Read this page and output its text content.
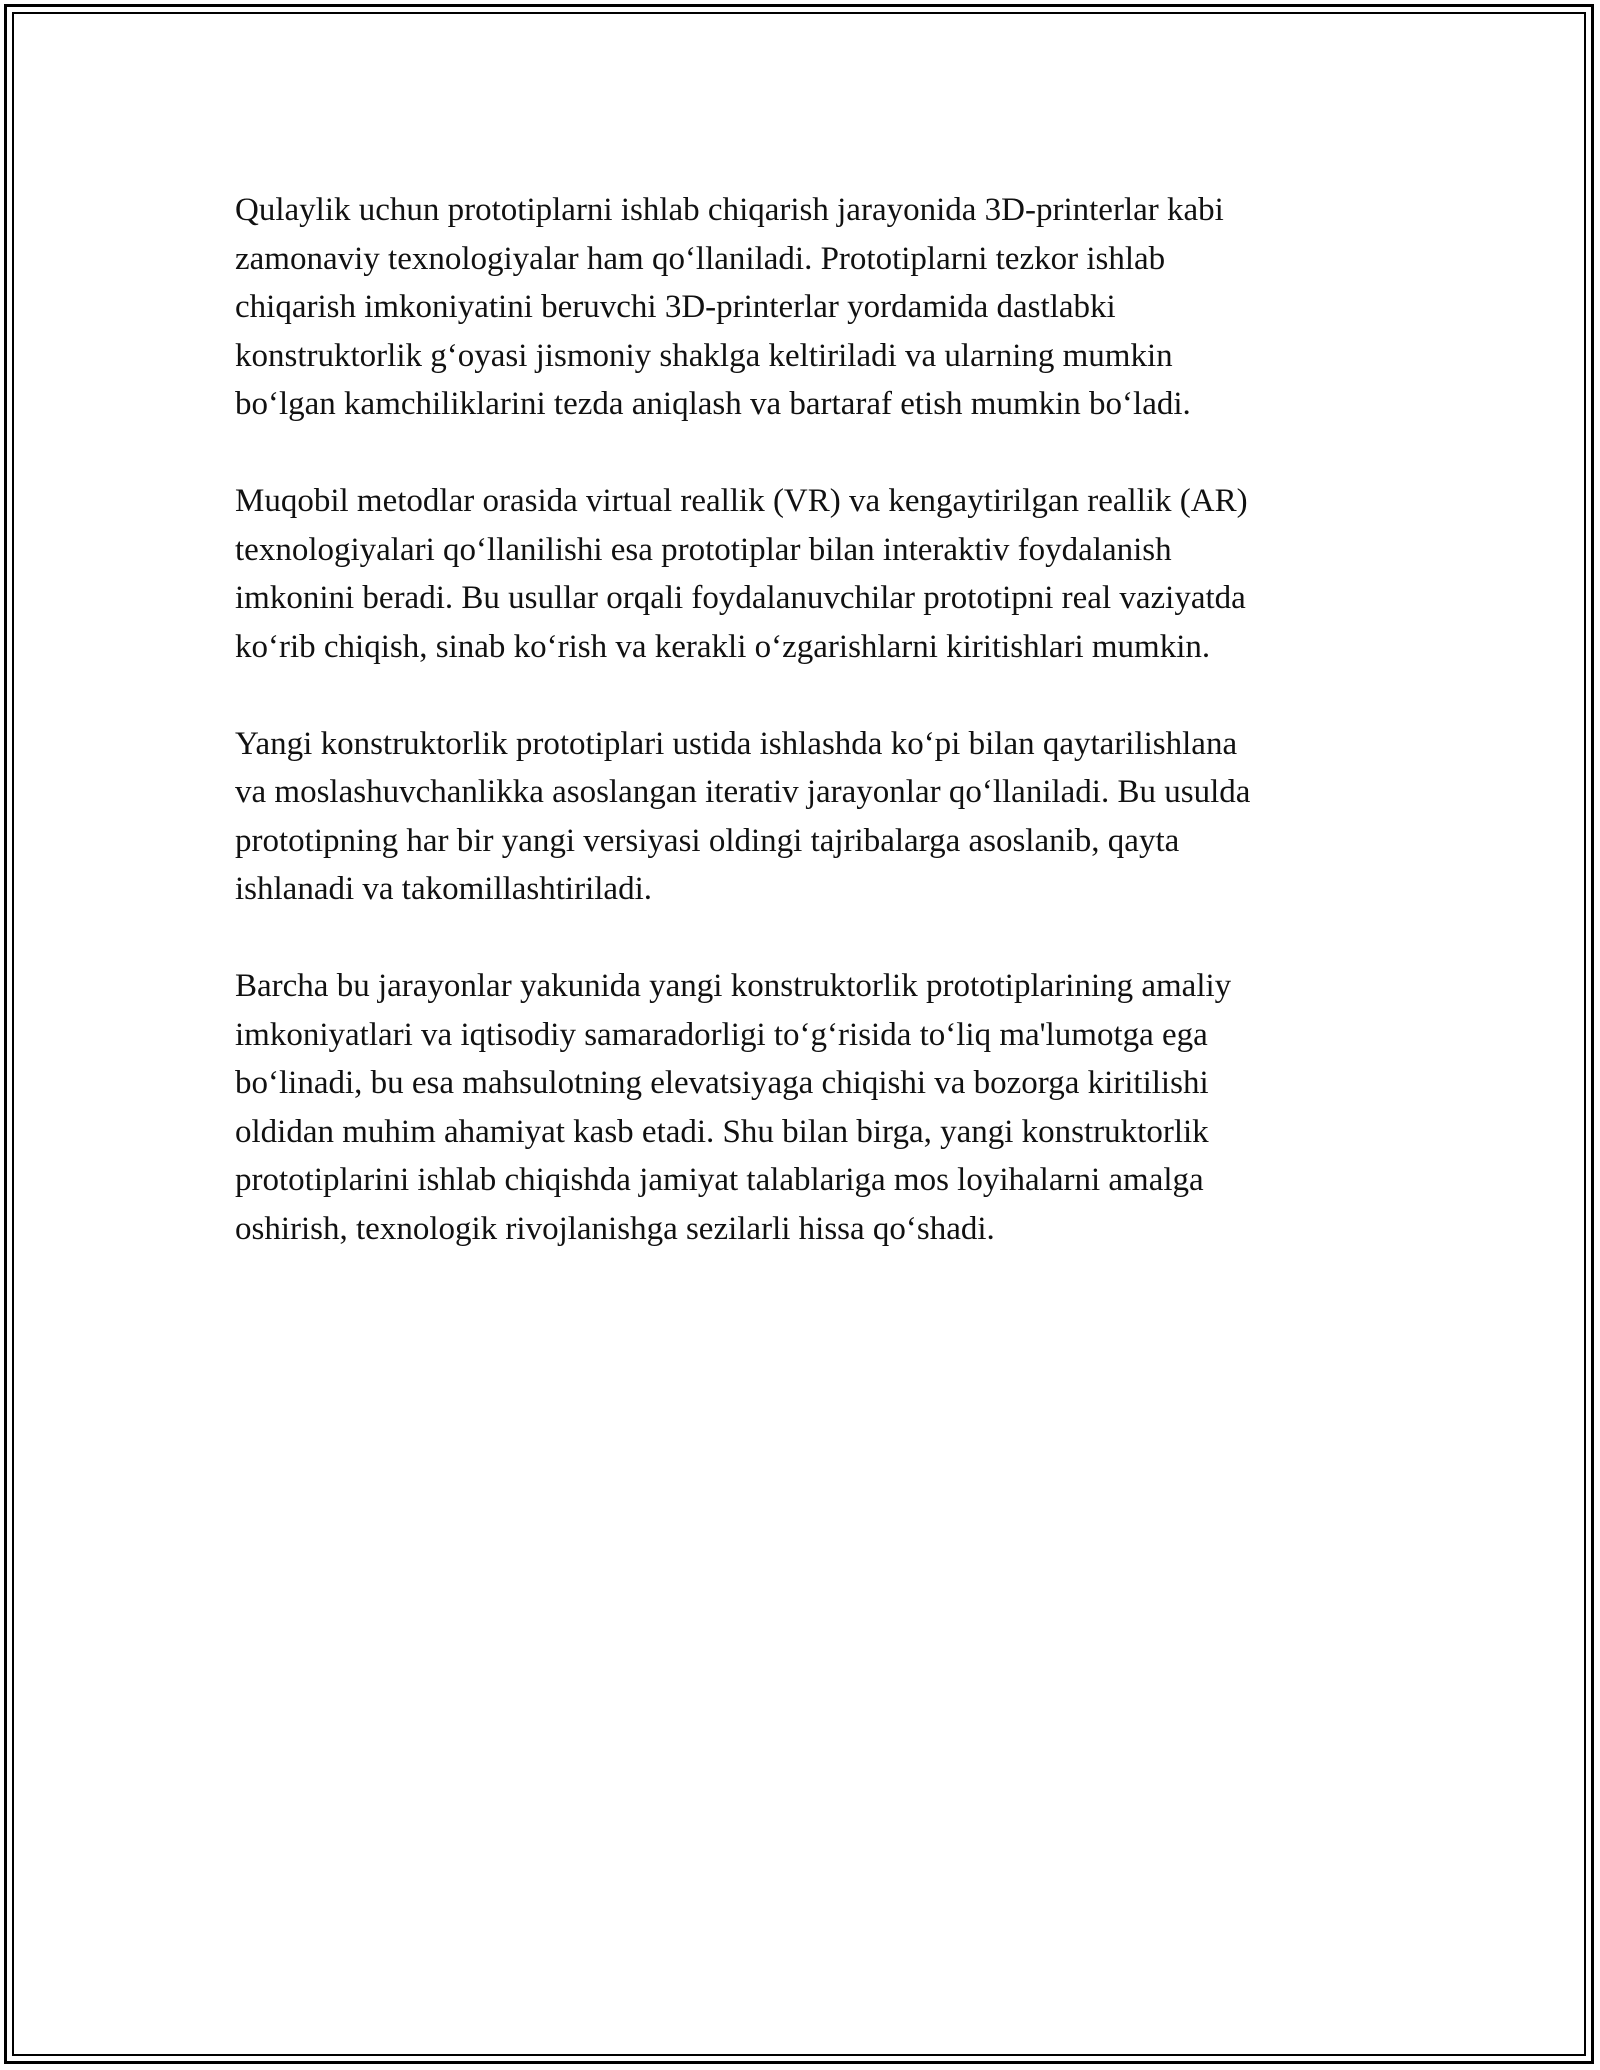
Qulaylik uchun prototiplarni ishlab chiqarish jarayonida 3D-printerlar kabi
zamonaviy texnologiyalar ham qo‘llaniladi. Prototiplarni tezkor ishlab
chiqarish imkoniyatini beruvchi 3D-printerlar yordamida dastlabki
konstruktorlik g‘oyasi jismoniy shaklga keltiriladi va ularning mumkin
bo‘lgan kamchiliklarini tezda aniqlash va bartaraf etish mumkin bo‘ladi.

Muqobil metodlar orasida virtual reallik (VR) va kengaytirilgan reallik (AR)
texnologiyalari qo‘llanilishi esa prototiplar bilan interaktiv foydalanish
imkonini beradi. Bu usullar orqali foydalanuvchilar prototipni real vaziyatda
ko‘rib chiqish, sinab ko‘rish va kerakli o‘zgarishlarni kiritishlari mumkin.

Yangi konstruktorlik prototiplari ustida ishlashda ko‘pi bilan qaytarilishlana
va moslashuvchanlikka asoslangan iterativ jarayonlar qo‘llaniladi. Bu usulda
prototipning har bir yangi versiyasi oldingi tajribalarga asoslanib, qayta
ishlanadi va takomillashtiriladi.

Barcha bu jarayonlar yakunida yangi konstruktorlik prototiplarining amaliy
imkoniyatlari va iqtisodiy samaradorligi to‘g‘risida to‘liq ma'lumotga ega
bo‘linadi, bu esa mahsulotning elevatsiyaga chiqishi va bozorga kiritilishi
oldidan muhim ahamiyat kasb etadi. Shu bilan birga, yangi konstruktorlik
prototiplarini ishlab chiqishda jamiyat talablariga mos loyihalarni amalga
oshirish, texnologik rivojlanishga sezilarli hissa qo‘shadi.
